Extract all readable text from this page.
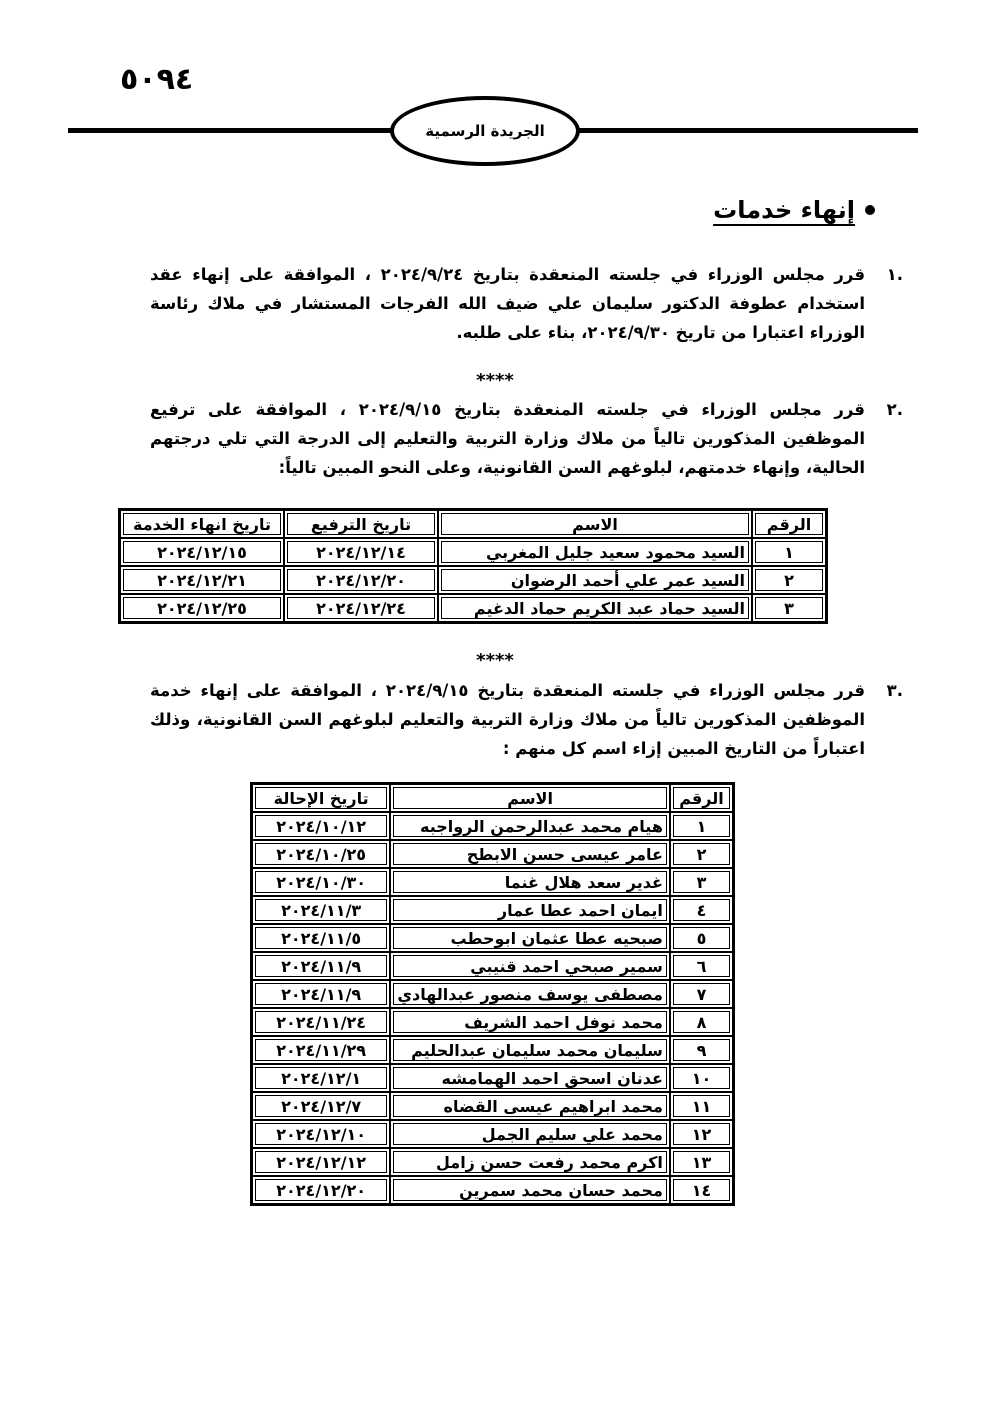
٥٠٩٤
الجريدة الرسمية
إنهاء خدمات
.١
قرر مجلس الوزراء في جلسته المنعقدة بتاريخ ٢٠٢٤/٩/٢٤ ، الموافقة على إنهاء عقد استخدام عطوفة الدكتور سليمان علي ضيف الله الفرجات المستشار في ملاك رئاسة الوزراء اعتبارا من تاريخ ٢٠٢٤/٩/٣٠، بناء على طلبه.
****
.٢
قرر مجلس الوزراء في جلسته المنعقدة بتاريخ ٢٠٢٤/٩/١٥ ، الموافقة على ترفيع الموظفين المذكورين تالياً من ملاك وزارة التربية والتعليم إلى الدرجة التي تلي درجتهم الحالية، وإنهاء خدمتهم، لبلوغهم السن القانونية، وعلى النحو المبين تالياً:
الرقم	الاسم	تاريخ الترفيع	تاريخ انهاء الخدمة
١	السيد محمود سعيد جليل المغربي	٢٠٢٤/١٢/١٤	٢٠٢٤/١٢/١٥
٢	السيد عمر علي أحمد الرضوان	٢٠٢٤/١٢/٢٠	٢٠٢٤/١٢/٢١
٣	السيد حماد عبد الكريم حماد الدغيم	٢٠٢٤/١٢/٢٤	٢٠٢٤/١٢/٢٥
****
.٣
قرر مجلس الوزراء في جلسته المنعقدة بتاريخ ٢٠٢٤/٩/١٥ ، الموافقة على إنهاء خدمة الموظفين المذكورين تالياً من ملاك وزارة التربية والتعليم لبلوغهم السن القانونية، وذلك اعتباراً من التاريخ المبين إزاء اسم كل منهم :
الرقم	الاسم	تاريخ الإحالة
١	هيام محمد عبدالرحمن الرواجبه	٢٠٢٤/١٠/١٢
٢	عامر عيسى حسن الابطح	٢٠٢٤/١٠/٢٥
٣	غدير سعد هلال غنما	٢٠٢٤/١٠/٣٠
٤	ايمان احمد عطا عمار	٢٠٢٤/١١/٣
٥	صبحيه عطا عثمان ابوحطب	٢٠٢٤/١١/٥
٦	سمير صبحي احمد قنيبي	٢٠٢٤/١١/٩
٧	مصطفى يوسف منصور عبدالهادي	٢٠٢٤/١١/٩
٨	محمد نوفل احمد الشريف	٢٠٢٤/١١/٢٤
٩	سليمان محمد سليمان عبدالحليم	٢٠٢٤/١١/٢٩
١٠	عدنان اسحق احمد الهمامشه	٢٠٢٤/١٢/١
١١	محمد ابراهيم عيسى القضاه	٢٠٢٤/١٢/٧
١٢	محمد علي سليم الجمل	٢٠٢٤/١٢/١٠
١٣	اكرم محمد رفعت حسن زامل	٢٠٢٤/١٢/١٢
١٤	محمد حسان محمد سمرين	٢٠٢٤/١٢/٢٠
